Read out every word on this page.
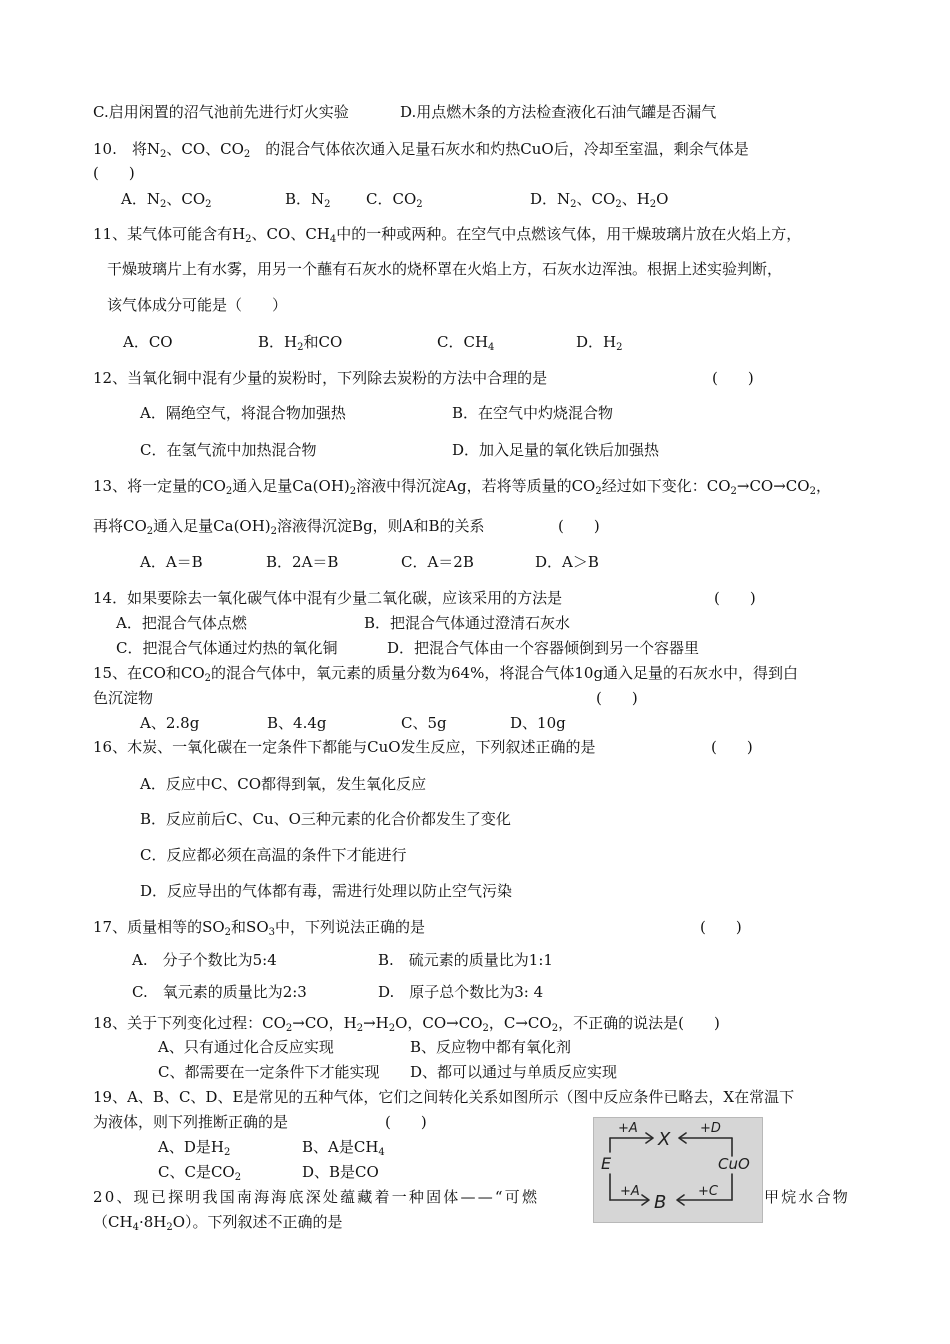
C.启用闲置的沼气池前先进行灯火实验	D.用点燃木条的方法检查液化石油气罐是否漏气
10.　将$N_2$、CO、$CO_2$　的混合气体依次通入足量石灰水和灼热CuO后，冷却至室温，剩余气体是
(　　)
A．$N_2$、$CO_2$	B．$N_2$ C．$CO_2$	D．$N_2$、$CO_2$、$H_2O$
11、某气体可能含有$H_2$、CO、$CH_4$中的一种或两种。在空气中点燃该气体，用干燥玻璃片放在火焰上方，
干燥玻璃片上有水雾，用另一个蘸有石灰水的烧杯罩在火焰上方，石灰水边浑浊。根据上述实验判断，
该气体成分可能是（　　）
A．CO	B．$H_2$和CO	C．$CH_4$	D．$H_2$
12、当氧化铜中混有少量的炭粉时，下列除去炭粉的方法中合理的是	(　　)
A．隔绝空气，将混合物加强热	B．在空气中灼烧混合物
C．在氢气流中加热混合物	D．加入足量的氧化铁后加强热
13、将一定量的$CO_2$通入足量$Ca(OH)_2$溶液中得沉淀Ag，若将等质量的$CO_2$经过如下变化：$CO_2\to CO\to CO_2$，
再将$CO_2$通入足量$Ca(OH)_2$溶液得沉淀Bg，则A和B的关系	(　　)
A．A＝B	B．2A＝B	C．A＝2B	D．A＞B
14．如果要除去一氧化碳气体中混有少量二氧化碳，应该采用的方法是	(　　)
A．把混合气体点燃	B．把混合气体通过澄清石灰水
C．把混合气体通过灼热的氧化铜	D．把混合气体由一个容器倾倒到另一个容器里
15、在CO和$CO_2$的混合气体中，氧元素的质量分数为64%，将混合气体10g通入足量的石灰水中，得到白
色沉淀物	(　　)
A、2.8g	B、4.4g	C、5g	D、10g
16、木炭、一氧化碳在一定条件下都能与CuO发生反应，下列叙述正确的是	(　　)
A．反应中C、CO都得到氧，发生氧化反应
B．反应前后C、Cu、O三种元素的化合价都发生了变化
C．反应都必须在高温的条件下才能进行
D．反应导出的气体都有毒，需进行处理以防止空气污染
17、质量相等的$SO_2$和$SO_3$中，下列说法正确的是	(　　)
A.　分子个数比为5:4	B.　硫元素的质量比为1:1
C.　氧元素的质量比为2:3	D.　原子总个数比为3: 4
18、关于下列变化过程：$CO_2\to CO$，$H_2\to H_2O$，$CO\to CO_2$，$C\to CO_2$，不正确的说法是(　　)
A、只有通过化合反应实现	B、反应物中都有氧化剂
C、都需要在一定条件下才能实现 D、都可以通过与单质反应实现
19、A、B、C、D、E是常见的五种气体，它们之间转化关系如图所示（图中反应条件已略去，X在常温下
为液体，则下列推断正确的是	(　　)
A、D是$H_2$	B、A是$CH_4$
C、C是$CO_2$	D、B是CO
20、现已探明我国南海海底深处蕴藏着一种固体——“可燃	甲烷水合物
$(CH_4\cdot 8H_2O)$。下列叙述不正确的是
X
E
B
CuO
+A	+D
+A	+C
